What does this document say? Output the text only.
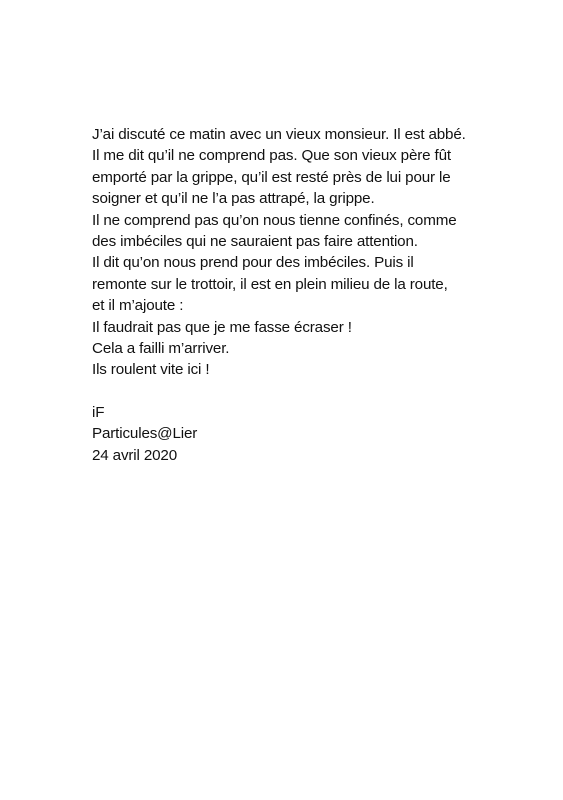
J’ai discuté ce matin avec un vieux monsieur. Il est abbé.
Il me dit qu’il ne comprend pas. Que son vieux père fût
emporté par la grippe, qu’il est resté près de lui pour le
soigner et qu’il ne l’a pas attrapé, la grippe.
Il ne comprend pas qu’on nous tienne confinés, comme
des imbéciles qui ne sauraient pas faire attention.
Il dit qu’on nous prend pour des imbéciles. Puis il
remonte sur le trottoir, il est en plein milieu de la route,
et il m’ajoute :
Il faudrait pas que je me fasse écraser !
Cela a failli m’arriver.
Ils roulent vite ici !
iF
Particules@Lier
24 avril 2020
